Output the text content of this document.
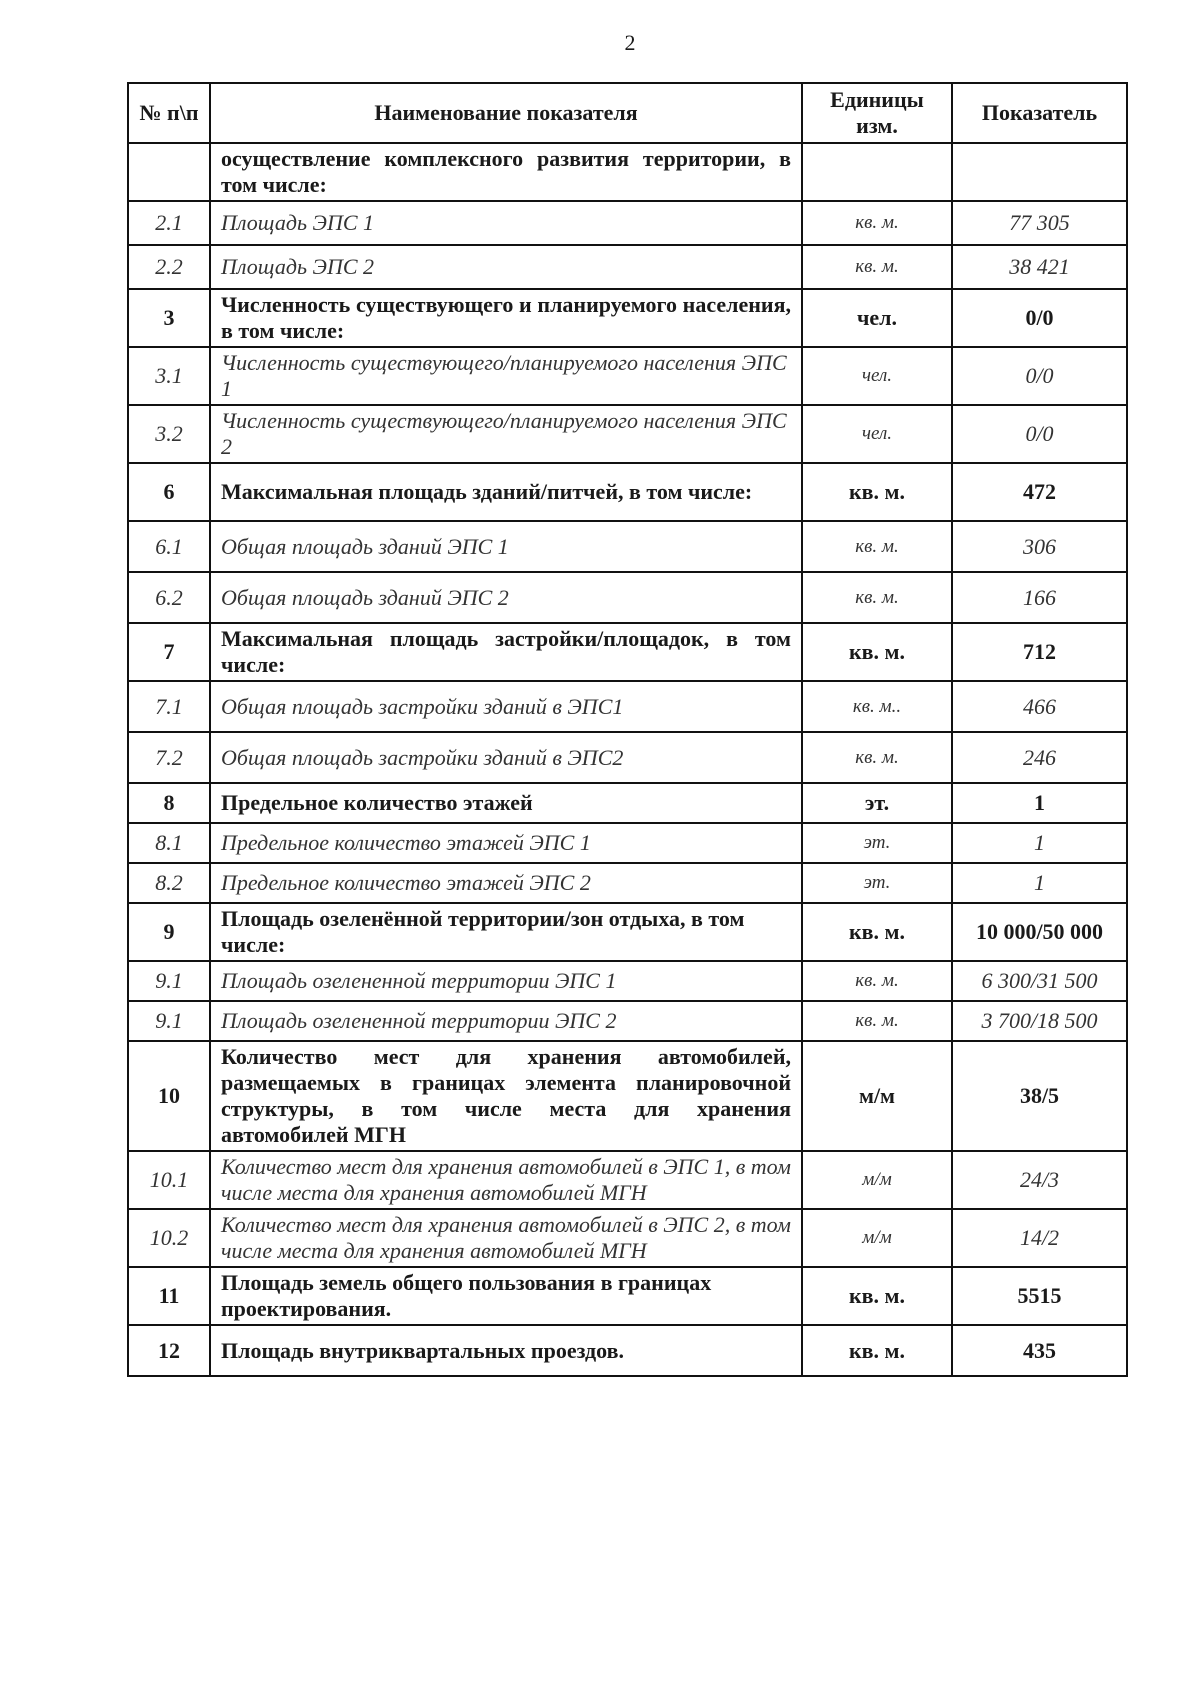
2
№ п\п	Наименование показателя	Единицы изм.	Показатель
	осуществление комплексного развития территории, в том числе:		
2.1	Площадь ЭПС 1	кв. м.	77 305
2.2	Площадь ЭПС 2	кв. м.	38 421
3	Численность существующего и планируемого населения, в том числе:	чел.	0/0
3.1	Численность существующего/планируемого населения ЭПС 1	чел.	0/0
3.2	Численность существующего/планируемого населения ЭПС 2	чел.	0/0
6	Максимальная площадь зданий/питчей, в том числе:	кв. м.	472
6.1	Общая площадь зданий ЭПС 1	кв. м.	306
6.2	Общая площадь зданий ЭПС 2	кв. м.	166
7	Максимальная площадь застройки/площадок, в том числе:	кв. м.	712
7.1	Общая площадь застройки зданий в ЭПС1	кв. м..	466
7.2	Общая площадь застройки зданий в ЭПС2	кв. м.	246
8	Предельное количество этажей	эт.	1
8.1	Предельное количество этажей ЭПС 1	эт.	1
8.2	Предельное количество этажей ЭПС 2	эт.	1
9	Площадь озеленённой территории/зон отдыха, в том числе:	кв. м.	10 000/50 000
9.1	Площадь озелененной территории ЭПС 1	кв. м.	6 300/31 500
9.1	Площадь озелененной территории ЭПС 2	кв. м.	3 700/18 500
10	Количество мест для хранения автомобилей, размещаемых в границах элемента планировочной структуры, в том числе места для хранения автомобилей МГН	м/м	38/5
10.1	Количество мест для хранения автомобилей в ЭПС 1, в том числе места для хранения автомобилей МГН	м/м	24/3
10.2	Количество мест для хранения автомобилей в ЭПС 2, в том числе места для хранения автомобилей МГН	м/м	14/2
11	Площадь земель общего пользования в границах проектирования.	кв. м.	5515
12	Площадь внутриквартальных проездов.	кв. м.	435
